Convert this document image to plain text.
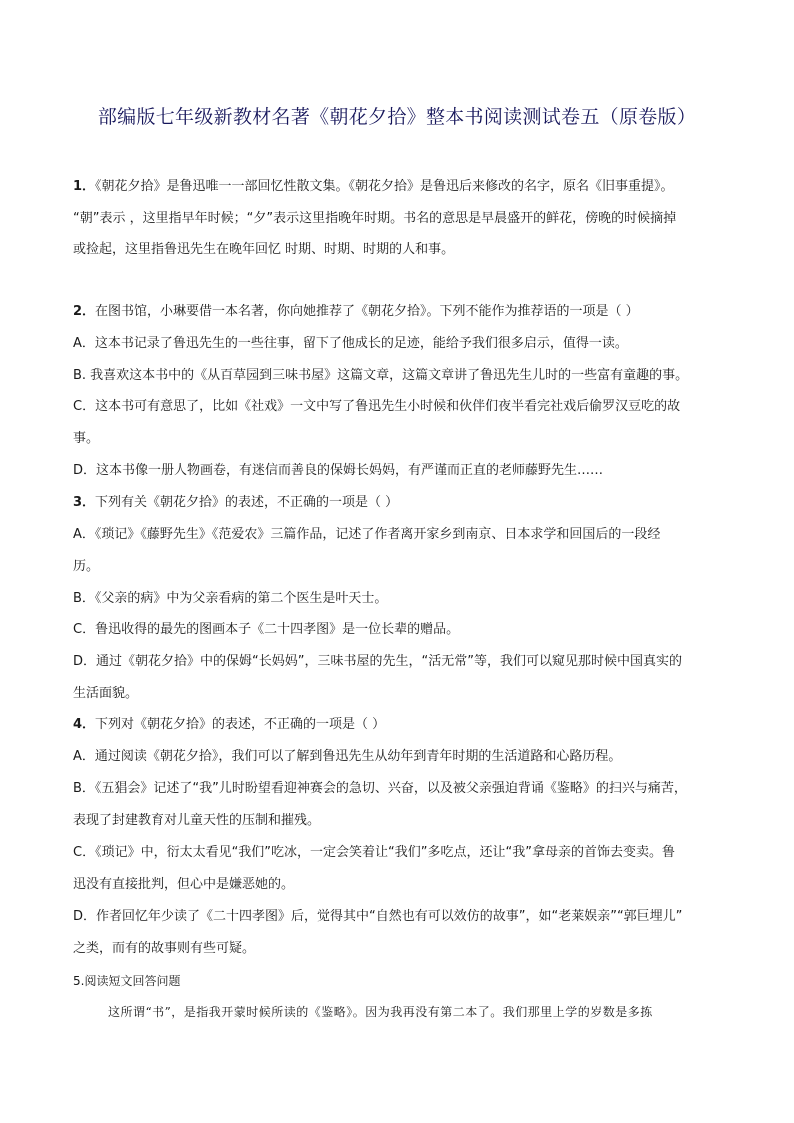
部编版七年级新教材名著《朝花夕拾》整本书阅读测试卷五（原卷版）
1．《朝花夕拾》是鲁迅唯一一部回忆性散文集。《朝花夕拾》是鲁迅后来修改的名字，原名《旧事重提》。
“朝”表示 ，这里指早年时候；“夕”表示这里指晚年时期。书名的意思是早晨盛开的鲜花，傍晚的时候摘掉
或捡起，这里指鲁迅先生在晚年回忆 时期、时期、时期的人和事。
2．在图书馆，小琳要借一本名著，你向她推荐了《朝花夕拾》。下列不能作为推荐语的一项是（ ）
A．这本书记录了鲁迅先生的一些往事，留下了他成长的足迹，能给予我们很多启示，值得一读。
B. 我喜欢这本书中的《从百草园到三味书屋》这篇文章，这篇文章讲了鲁迅先生儿时的一些富有童趣的事。
C．这本书可有意思了，比如《社戏》一文中写了鲁迅先生小时候和伙伴们夜半看完社戏后偷罗汉豆吃的故
事。
D．这本书像一册人物画卷，有迷信而善良的保姆长妈妈，有严谨而正直的老师藤野先生……
3．下列有关《朝花夕拾》的表述，不正确的一项是（ ）
A．《琐记》《藤野先生》《范爱农》三篇作品，记述了作者离开家乡到南京、日本求学和回国后的一段经
历。
B．《父亲的病》中为父亲看病的第二个医生是叶天士。
C．鲁迅收得的最先的图画本子《二十四孝图》是一位长辈的赠品。
D．通过《朝花夕拾》中的保姆“长妈妈”，三味书屋的先生，“活无常”等，我们可以窥见那时候中国真实的
生活面貌。
4．下列对《朝花夕拾》的表述，不正确的一项是（ ）
A．通过阅读《朝花夕拾》，我们可以了解到鲁迅先生从幼年到青年时期的生活道路和心路历程。
B．《五猖会》记述了“我”儿时盼望看迎神赛会的急切、兴奋，以及被父亲强迫背诵《鉴略》的扫兴与痛苦，
表现了封建教育对儿童天性的压制和摧残。
C．《琐记》中，衍太太看见“我们”吃冰，一定会笑着让“我们”多吃点，还让“我”拿母亲的首饰去变卖。鲁
迅没有直接批判，但心中是嫌恶她的。
D．作者回忆年少读了《二十四孝图》后，觉得其中“自然也有可以效仿的故事”，如“老莱娱亲”“郭巨埋儿”
之类，而有的故事则有些可疑。
5.阅读短文回答问题
这所谓“书”，是指我开蒙时候所读的《鉴略》。因为我再没有第二本了。我们那里上学的岁数是多拣
